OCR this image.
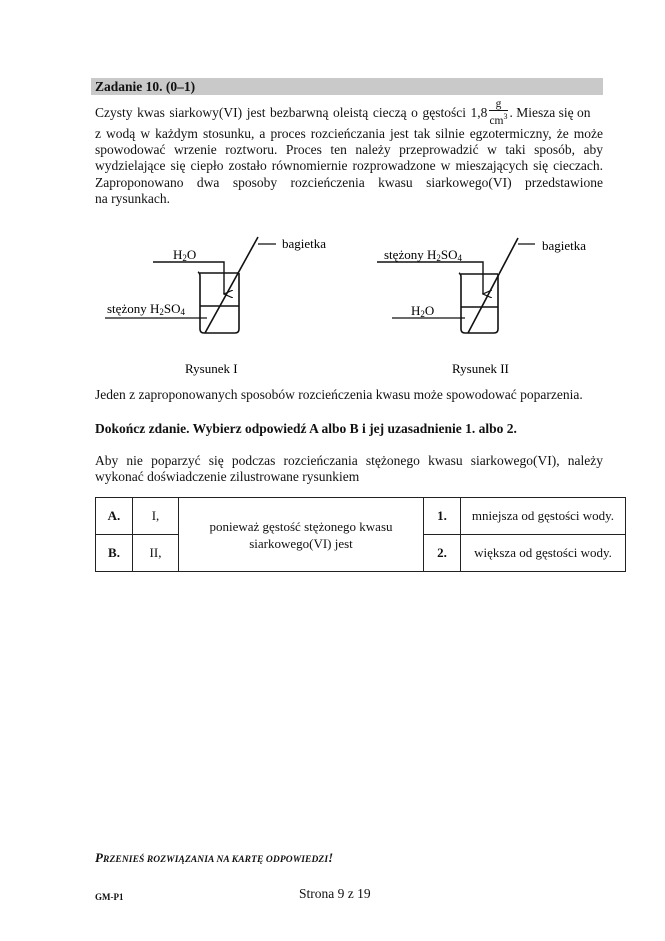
Zadanie 10. (0–1)
Czysty kwas siarkowy(VI) jest bezbarwną oleistą cieczą o gęstości $1,8 \frac{g}{cm^3}$ . Miesza się on
z wodą w każdym stosunku, a proces rozcieńczania jest tak silnie egzotermiczny, że może
spowodować wrzenie roztworu. Proces ten należy przeprowadzić w taki sposób, aby
wydzielające się ciepło zostało równomiernie rozprowadzone w mieszających się cieczach.
Zaproponowano dwa sposoby rozcieńczenia kwasu siarkowego(VI) przedstawione
na rysunkach.
bagietka
H2O
stężony H2SO4
Rysunek I
bagietka
stężony H2SO4
H2O
Rysunek II
Jeden z zaproponowanych sposobów rozcieńczenia kwasu może spowodować poparzenia.
Dokończ zdanie. Wybierz odpowiedź A albo B i jej uzasadnienie 1. albo 2.
Aby nie poparzyć się podczas rozcieńczania stężonego kwasu siarkowego(VI), należy
wykonać doświadczenie zilustrowane rysunkiem
A.	I,	ponieważ gęstość stężonego kwasu siarkowego(VI) jest	1.	mniejsza od gęstości wody.
B.	II,		2.	większa od gęstości wody.
PRZENIEŚ ROZWIĄZANIA NA KARTĘ ODPOWIEDZI!
GM-P1	Strona 9 z 19
